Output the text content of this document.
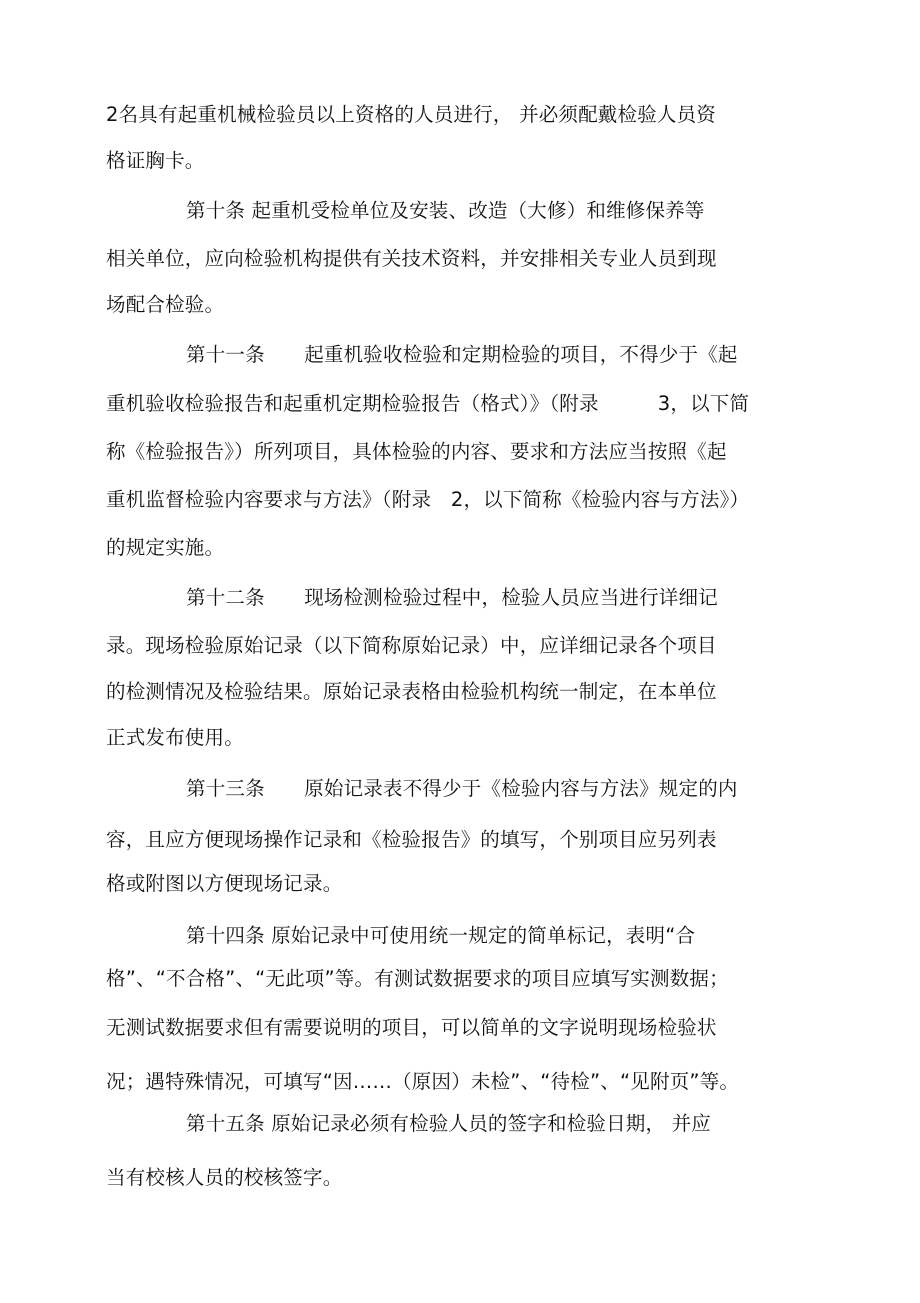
2名具有起重机械检验员以上资格的人员进行， 并必须配戴检验人员资
格证胸卡。
第十条 起重机受检单位及安装、改造（大修）和维修保养等
相关单位，应向检验机构提供有关技术资料，并安排相关专业人员到现
场配合检验。
第十一条　　起重机验收检验和定期检验的项目，不得少于《起
重机验收检验报告和起重机定期检验报告（格式）》（附录　　　3，以下简
称《检验报告》）所列项目，具体检验的内容、要求和方法应当按照《起
重机监督检验内容要求与方法》（附录　2，以下简称《检验内容与方法》）
的规定实施。
第十二条　　现场检测检验过程中，检验人员应当进行详细记
录。现场检验原始记录（以下简称原始记录）中，应详细记录各个项目
的检测情况及检验结果。原始记录表格由检验机构统一制定，在本单位
正式发布使用。
第十三条　　原始记录表不得少于《检验内容与方法》规定的内
容，且应方便现场操作记录和《检验报告》的填写，个别项目应另列表
格或附图以方便现场记录。
第十四条 原始记录中可使用统一规定的简单标记，表明“合
格”、“不合格”、“无此项”等。有测试数据要求的项目应填写实测数据；
无测试数据要求但有需要说明的项目，可以简单的文字说明现场检验状
况；遇特殊情况，可填写“因……（原因）未检”、“待检”、“见附页”等。
第十五条 原始记录必须有检验人员的签字和检验日期， 并应
当有校核人员的校核签字。
